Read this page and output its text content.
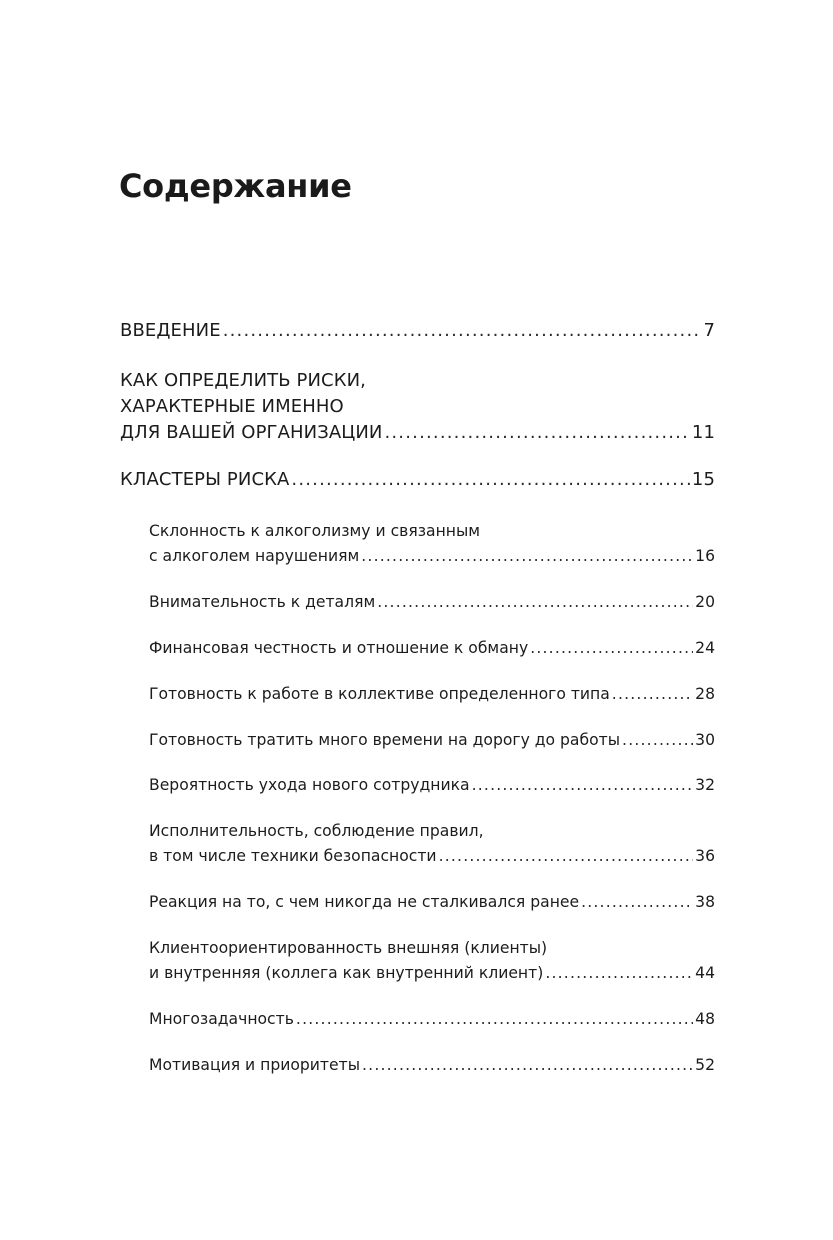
Содержание
ВВЕДЕНИЕ .....	7
КАК ОПРЕДЕЛИТЬ РИСКИ,
ХАРАКТЕРНЫЕ ИМЕННО
ДЛЯ ВАШЕЙ ОРГАНИЗАЦИИ .....	11
КЛАСТЕРЫ РИСКА .....	15
Склонность к алкоголизму и связанным
с алкоголем нарушениям .....	16
Внимательность к деталям .....	20
Финансовая честность и отношение к обману .....	24
Готовность к работе в коллективе определенного типа .....	28
Готовность тратить много времени на дорогу до работы .....	30
Вероятность ухода нового сотрудника .....	32
Исполнительность, соблюдение правил,
в том числе техники безопасности .....	36
Реакция на то, с чем никогда не сталкивался ранее .....	38
Клиентоориентированность внешняя (клиенты)
и внутренняя (коллега как внутренний клиент) .....	44
Многозадачность .....	48
Мотивация и приоритеты .....	52
